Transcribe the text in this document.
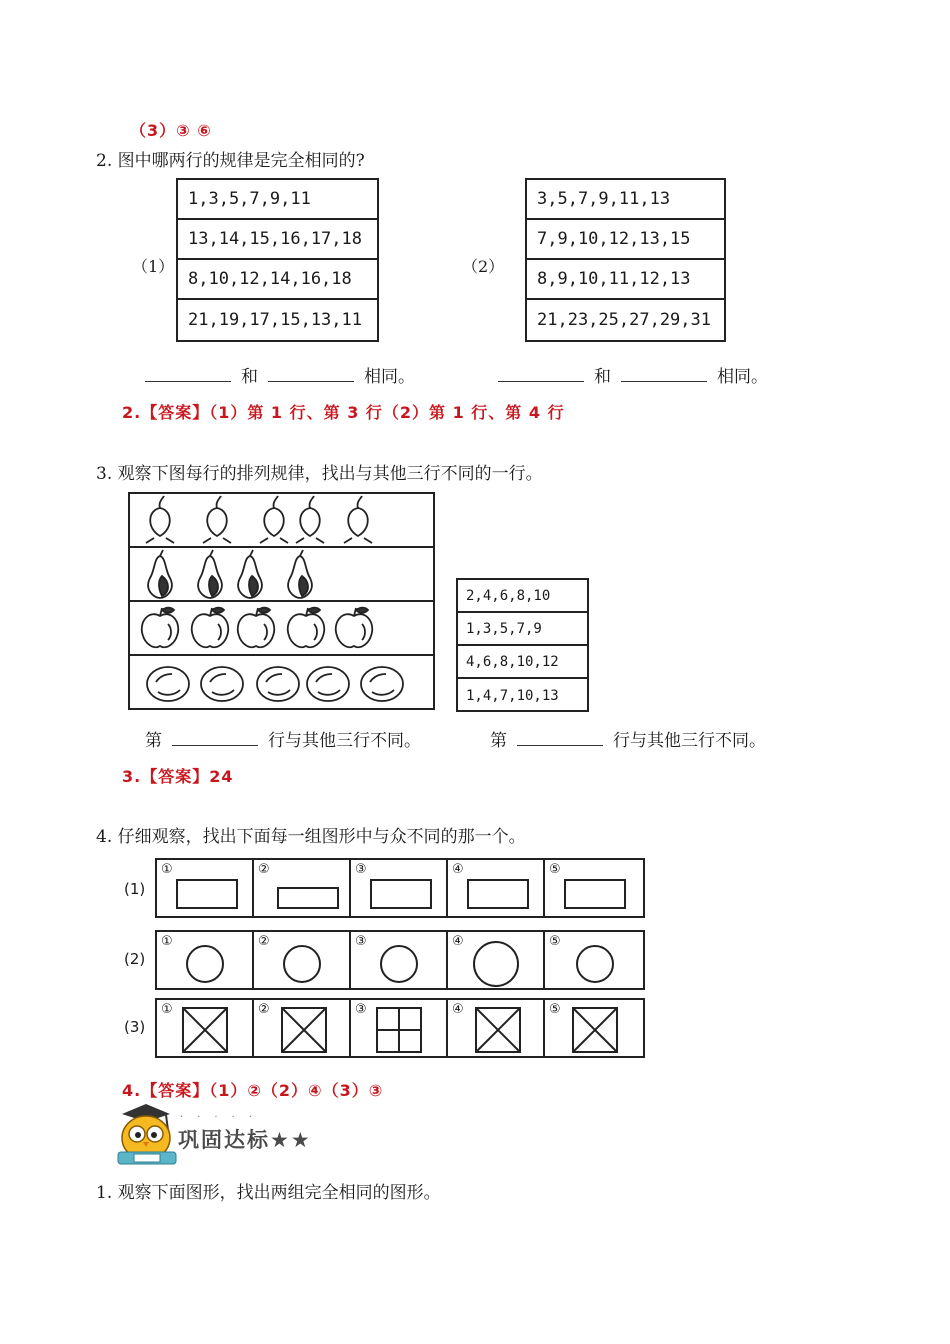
（3）③ ⑥
2. 图中哪两行的规律是完全相同的?
（1）
1,3,5,7,9,11
13,14,15,16,17,18
8,10,12,14,16,18
21,19,17,15,13,11
（2）
3,5,7,9,11,13
7,9,10,12,13,15
8,9,10,11,12,13
21,23,25,27,29,31
和	相同。	和	相同。
2.【答案】（1）第 1 行、第 3 行（2）第 1 行、第 4 行
3. 观察下图每行的排列规律，找出与其他三行不同的一行。
2,4,6,8,10
1,3,5,7,9
4,6,8,10,12
1,4,7,10,13
第	行与其他三行不同。	第	行与其他三行不同。
3.【答案】24
4. 仔细观察，找出下面每一组图形中与众不同的那一个。
(1)
(2)
(3)
①	②	③	④	⑤
①	②	③	④	⑤
①	②	③	④	⑤
4.【答案】（1）②（2）④（3）③
巩固达标★★
·····
1. 观察下面图形，找出两组完全相同的图形。
